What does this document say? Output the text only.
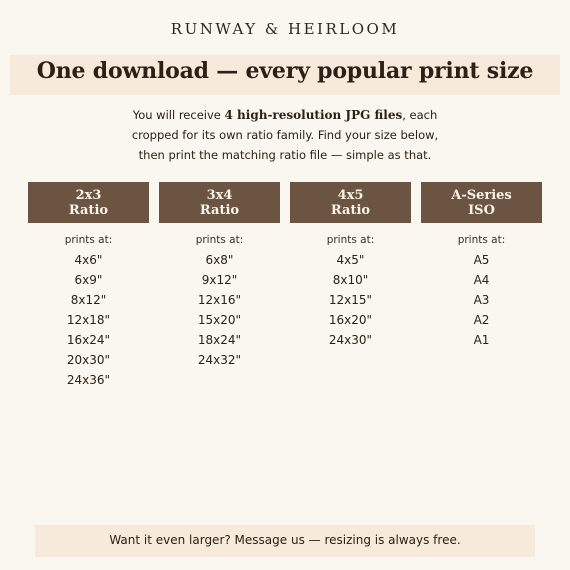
RUNWAY & HEIRLOOM
One download — every popular print size
You will receive 4 high-resolution JPG files, each
cropped for its own ratio family. Find your size below,
then print the matching ratio file — simple as that.
2x3
Ratio
prints at:
4x6"
6x9"
8x12"
12x18"
16x24"
20x30"
24x36"
3x4
Ratio
prints at:
6x8"
9x12"
12x16"
15x20"
18x24"
24x32"
4x5
Ratio
prints at:
4x5"
8x10"
12x15"
16x20"
24x30"
A-Series
ISO
prints at:
A5
A4
A3
A2
A1
Want it even larger? Message us — resizing is always free.
